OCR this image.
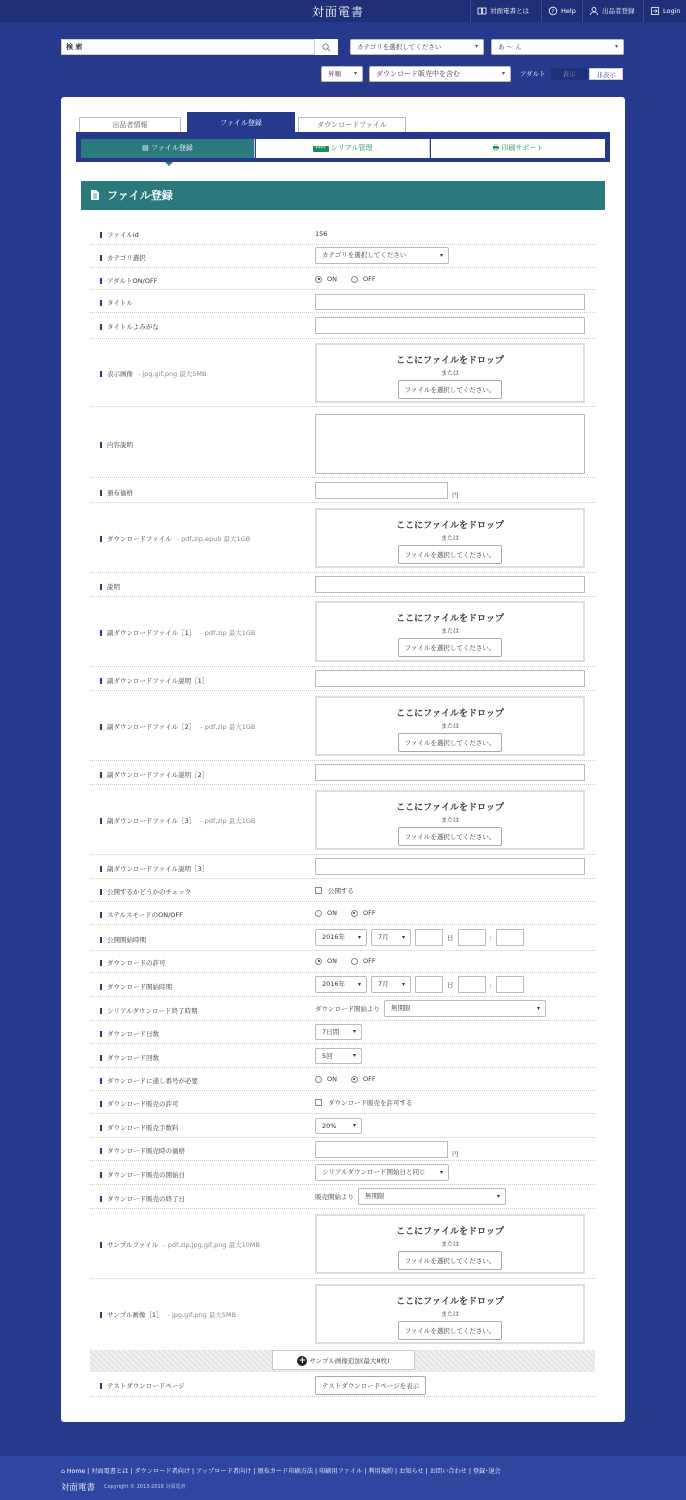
対面電書	対面電書とは	? Help	出品者登録	Login
検 索	カテゴリを選択してください ▾	あ 〜 ん ▾
昇順 ▾	ダウンロード販売中を含む ▾	アダルト	表示	非表示
出品者情報	ファイル登録	ダウンロードファイル
▤ ファイル登録	**** シリアル管理	🖶 印刷サポート
ファイル登録
ファイルid	156
カテゴリ選択	カテゴリを選択してください ▾
アダルトON/OFF	ON	OFF
タイトル
タイトルよみがな
表示画像 - jpg,gif,png 最大5MB
ここにファイルをドロップ
または
ファイルを選択してください。
内容説明
頒布価格	円
ダウンロードファイル - pdf,zip,epub 最大1GB
ここにファイルをドロップ
または
ファイルを選択してください。
説明
副ダウンロードファイル［1］ - pdf,zip 最大1GB
ここにファイルをドロップ
または
ファイルを選択してください。
副ダウンロードファイル説明［1］
副ダウンロードファイル［2］ - pdf,zip 最大1GB
ここにファイルをドロップ
または
ファイルを選択してください。
副ダウンロードファイル説明［2］
副ダウンロードファイル［3］ - pdf,zip 最大1GB
ここにファイルをドロップ
または
ファイルを選択してください。
副ダウンロードファイル説明［3］
公開するかどうかのチェック	公開する
ステルスモードのON/OFF	ON	OFF
公開開始時期	2016年 ▾	7月 ▾	日	:
ダウンロードの許可	ON	OFF
ダウンロード開始時期	2016年 ▾	7月 ▾	日	:
シリアルダウンロード終了時期	ダウンロード開始より	無期限 ▾
ダウンロード日数	7日間 ▾
ダウンロード回数	5回 ▾
ダウンロードに通し番号が必要	ON	OFF
ダウンロード販売の許可	ダウンロード販売を許可する
ダウンロード販売手数料	20% ▾
ダウンロード販売時の価格	円
ダウンロード販売の開始日	シリアルダウンロード開始日と同じ ▾
ダウンロード販売の終了日	販売開始より	無期限 ▾
サンプルファイル - pdf,zip,jpg,gif,png 最大10MB
ここにファイルをドロップ
または
ファイルを選択してください。
サンプル画像［1］ - jpg,gif,png 最大5MB
ここにファイルをドロップ
または
ファイルを選択してください。
+ サンプル画像追加(最大8枚)
テストダウンロードページ	テストダウンロードページを表示
⌂ Home | 対面電書とは | ダウンロード者向け | アップロード者向け | 頒布カード印刷方法 | 印刷用ファイル | 利用規約 | お知らせ | お問い合わせ | 登録･退会
対面電書 Copyright © 2013-2016 対面電書
